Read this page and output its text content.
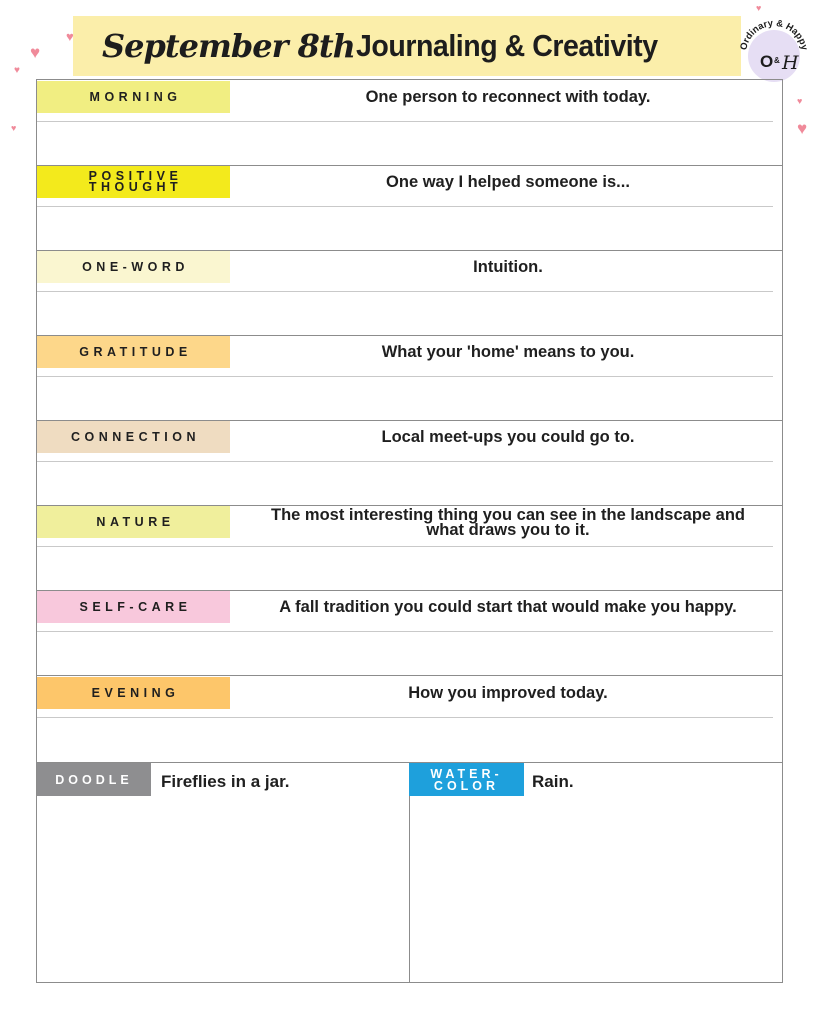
September 8th Journaling & Creativity	Ordinary & Happy
O & H
♥
♥
♥
♥	♥
♥
♥
MORNING	One person to reconnect with today.
POSITIVE
THOUGHT	One way I helped someone is...
ONE-WORD	Intuition.
GRATITUDE	What your 'home' means to you.
CONNECTION	Local meet-ups you could go to.
NATURE	The most interesting thing you can see in the landscape and
what draws you to it.
SELF-CARE	A fall tradition you could start that would make you happy.
EVENING	How you improved today.
DOODLE	Fireflies in a jar.	WATER-
COLOR Rain.
